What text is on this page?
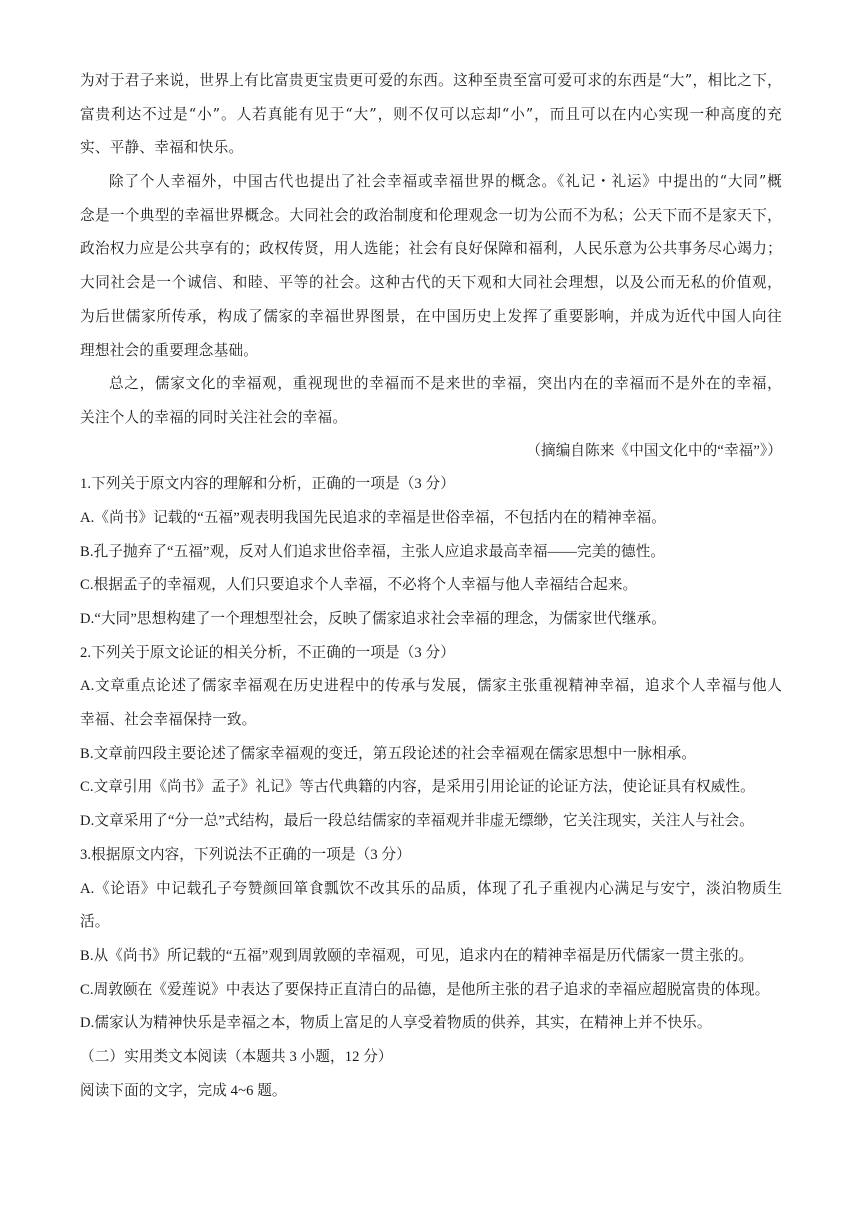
为对于君子来说，世界上有比富贵更宝贵更可爱的东西。这种至贵至富可爱可求的东西是“大”，相比之下，
富贵利达不过是“小”。人若真能有见于“大”，则不仅可以忘却“小”，而且可以在内心实现一种高度的充
实、平静、幸福和快乐。
除了个人幸福外，中国古代也提出了社会幸福或幸福世界的概念。《礼记・礼运》中提出的“大同”概
念是一个典型的幸福世界概念。大同社会的政治制度和伦理观念一切为公而不为私；公天下而不是家天下，
政治权力应是公共享有的；政权传贤，用人选能；社会有良好保障和福利，人民乐意为公共事务尽心竭力；
大同社会是一个诚信、和睦、平等的社会。这种古代的天下观和大同社会理想，以及公而无私的价值观，
为后世儒家所传承，构成了儒家的幸福世界图景，在中国历史上发挥了重要影响，并成为近代中国人向往
理想社会的重要理念基础。
总之，儒家文化的幸福观，重视现世的幸福而不是来世的幸福，突出内在的幸福而不是外在的幸福，
关注个人的幸福的同时关注社会的幸福。
（摘编自陈来《中国文化中的“幸福”》）
1.下列关于原文内容的理解和分析，正确的一项是（3 分）
A.《尚书》记载的“五福”观表明我国先民追求的幸福是世俗幸福，不包括内在的精神幸福。
B.孔子抛弃了“五福”观，反对人们追求世俗幸福，主张人应追求最高幸福——完美的德性。
C.根据孟子的幸福观，人们只要追求个人幸福，不必将个人幸福与他人幸福结合起来。
D.“大同”思想构建了一个理想型社会，反映了儒家追求社会幸福的理念，为儒家世代继承。
2.下列关于原文论证的相关分析，不正确的一项是（3 分）
A.文章重点论述了儒家幸福观在历史进程中的传承与发展，儒家主张重视精神幸福，追求个人幸福与他人
幸福、社会幸福保持一致。
B.文章前四段主要论述了儒家幸福观的变迁，第五段论述的社会幸福观在儒家思想中一脉相承。
C.文章引用《尚书》孟子》礼记》等古代典籍的内容，是采用引用论证的论证方法，使论证具有权威性。
D.文章采用了“分一总”式结构，最后一段总结儒家的幸福观并非虚无缥缈，它关注现实，关注人与社会。
3.根据原文内容，下列说法不正确的一项是（3 分）
A.《论语》中记载孔子夸赞颜回箪食瓢饮不改其乐的品质，体现了孔子重视内心满足与安宁，淡泊物质生
活。
B.从《尚书》所记载的“五福”观到周敦颐的幸福观，可见，追求内在的精神幸福是历代儒家一贯主张的。
C.周敦颐在《爱莲说》中表达了要保持正直清白的品德，是他所主张的君子追求的幸福应超脱富贵的体现。
D.儒家认为精神快乐是幸福之本，物质上富足的人享受着物质的供养，其实，在精神上并不快乐。
（二）实用类文本阅读（本题共 3 小题，12 分）
阅读下面的文字，完成 4~6 题。
